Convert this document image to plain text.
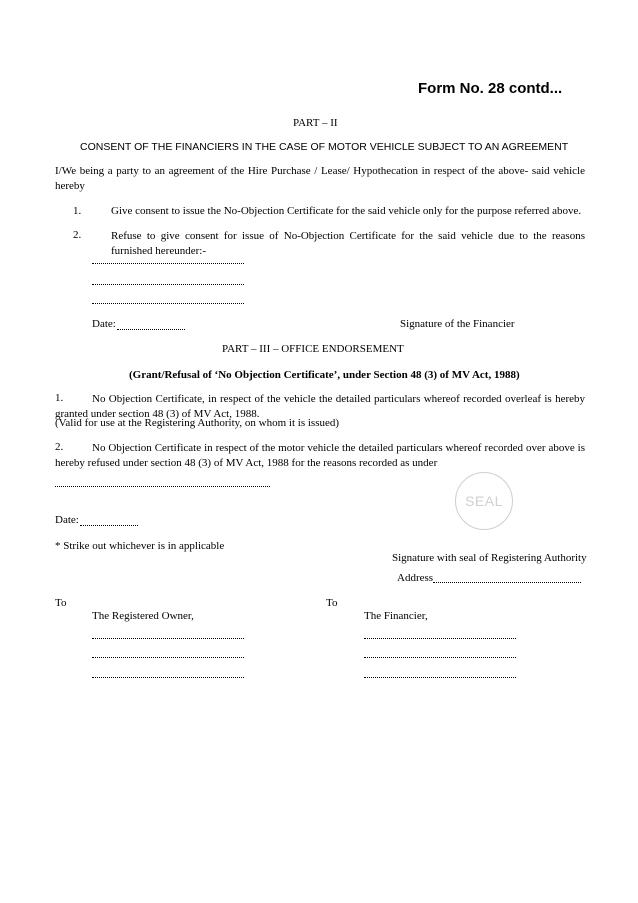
Form No. 28 contd...
PART – II
CONSENT OF THE FINANCIERS IN THE CASE OF MOTOR VEHICLE SUBJECT TO AN AGREEMENT
I/We being a party to an agreement of the Hire Purchase / Lease/ Hypothecation in respect of the above- said vehicle hereby
1.	Give consent to issue the No-Objection Certificate for the said vehicle only for the purpose referred above.
2.	Refuse to give consent for issue of No-Objection Certificate for the said vehicle due to the reasons furnished hereunder:-
Date:	Signature of the Financier
PART – III – OFFICE ENDORSEMENT
(Grant/Refusal of ‘No Objection Certificate’, under Section 48 (3) of MV Act, 1988)
1.	No Objection Certificate, in respect of the vehicle the detailed particulars whereof recorded overleaf is hereby granted under section 48 (3) of MV Act, 1988.
(Valid for use at the Registering Authority, on whom it is issued)
2.	No Objection Certificate in respect of the motor vehicle the detailed particulars whereof recorded over above is hereby refused under section 48 (3) of MV Act, 1988 for the reasons recorded as under
SEAL
Date:
* Strike out whichever is in applicable
Signature with seal of Registering Authority
Address
To
The Registered Owner,
To
The Financier,
